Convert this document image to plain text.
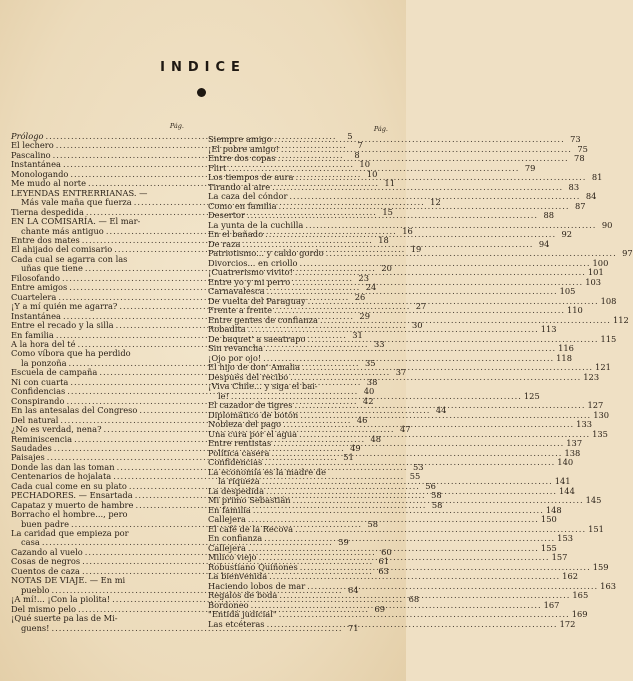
INDICE
Pág.
Prólogo .....	5
El lechero .....	7
Pascalino .....	8
Instantánea .....	10
Monologando .....	10
Me mudo al norte .....	11
LEYENDAS ENTRERRIANAS. —
Más vale maña que fuerza .....	12
Tierna despedida .....	15
EN LA COMISARÍA. — El mar-
chante más antiguo .....	16
Entre dos mates .....	18
El ahijado del comisario .....	19
Cada cual se agarra con las
uñas que tiene .....	20
Filosofando .....	23
Entre amigos .....	24
Cuartelera .....	26
¡Y a mí quién me agarra? .....	27
Instantánea .....	29
Entre el recado y la silla .....	30
En familia .....	31
A la hora del té .....	33
Como víbora que ha perdido
la ponzoña .....	35
Escuela de campaña .....	37
Ni con cuarta .....	38
Confidencias .....	40
Conspirando .....	42
En las antesalas del Congreso .....	44
Del natural .....	46
¿No es verdad, nena? .....	47
Reminiscencia .....	48
Saudades .....	49
Paisajes .....	51
Donde las dan las toman .....	53
Centenarios de hojalata .....	55
Cada cual come en su plato .....	56
PECHADORES. — Ensartada .....	58
Capataz y muerto de hambre .....	58
Borracho el hombre..., pero
buen padre .....	58
La caridad que empieza por
casa .....	59
Cazando al vuelo .....	60
Cosas de negros .....	61
Cuentos de caza .....	63
NOTAS DE VIAJE. — En mi
pueblo .....	64
¡A mí!... ¡Con la piolita! .....	68
Del mismo pelo .....	69
¡Qué suerte pa las de Mi-
guens! .....	71
Pág.
Siempre amigo .....	73
¡El pobre amigo! .....	75
Entre dos copas .....	78
Flirt .....	79
Los tiempos de aura .....	81
Tirando al aire .....	83
La caza del cóndor .....	84
Como en familia .....	87
Desertor .....	88
La yunta de la cuchilla .....	90
En el bañado .....	92
De raza .....	94
Patriotismo... y caldo gordo .....	97
Divorcios... en criollo .....	100
¡Cuatrerismo vivito! .....	101
Entre yo y mi perro .....	103
Carnavalesca .....	105
De vuelta del Paraguay .....	108
Frente a frente .....	110
Entre gentes de confianza .....	112
Robadita .....	113
De baquet' a saeatrapo .....	115
Sin revancha .....	116
¡Ojo por ojo! .....	118
El hijo de don' Amalia .....	121
Después del recibo .....	123
¡Viva Chile... y siga el bai-
le! .....	125
El cazador de tigres .....	127
Diplomático de botón .....	130
Nobleza del pago .....	133
Una cura por el agua .....	135
Entre rentistas .....	137
Política casera .....	138
Confidencias .....	140
La economía es la madre de
la riqueza .....	141
La despedida .....	144
Mi primo Sebastián .....	145
En familia .....	148
Callejera .....	150
El café de la Recova .....	151
En confianza .....	153
Callejera .....	155
Milico viejo .....	157
Robustiano Quiñones .....	159
La bienvenida .....	162
Haciendo lobos de mar .....	163
Regalos de boda .....	165
Bordoneo .....	167
"Entidá judicial" .....	169
Las etcéteras .....	172
